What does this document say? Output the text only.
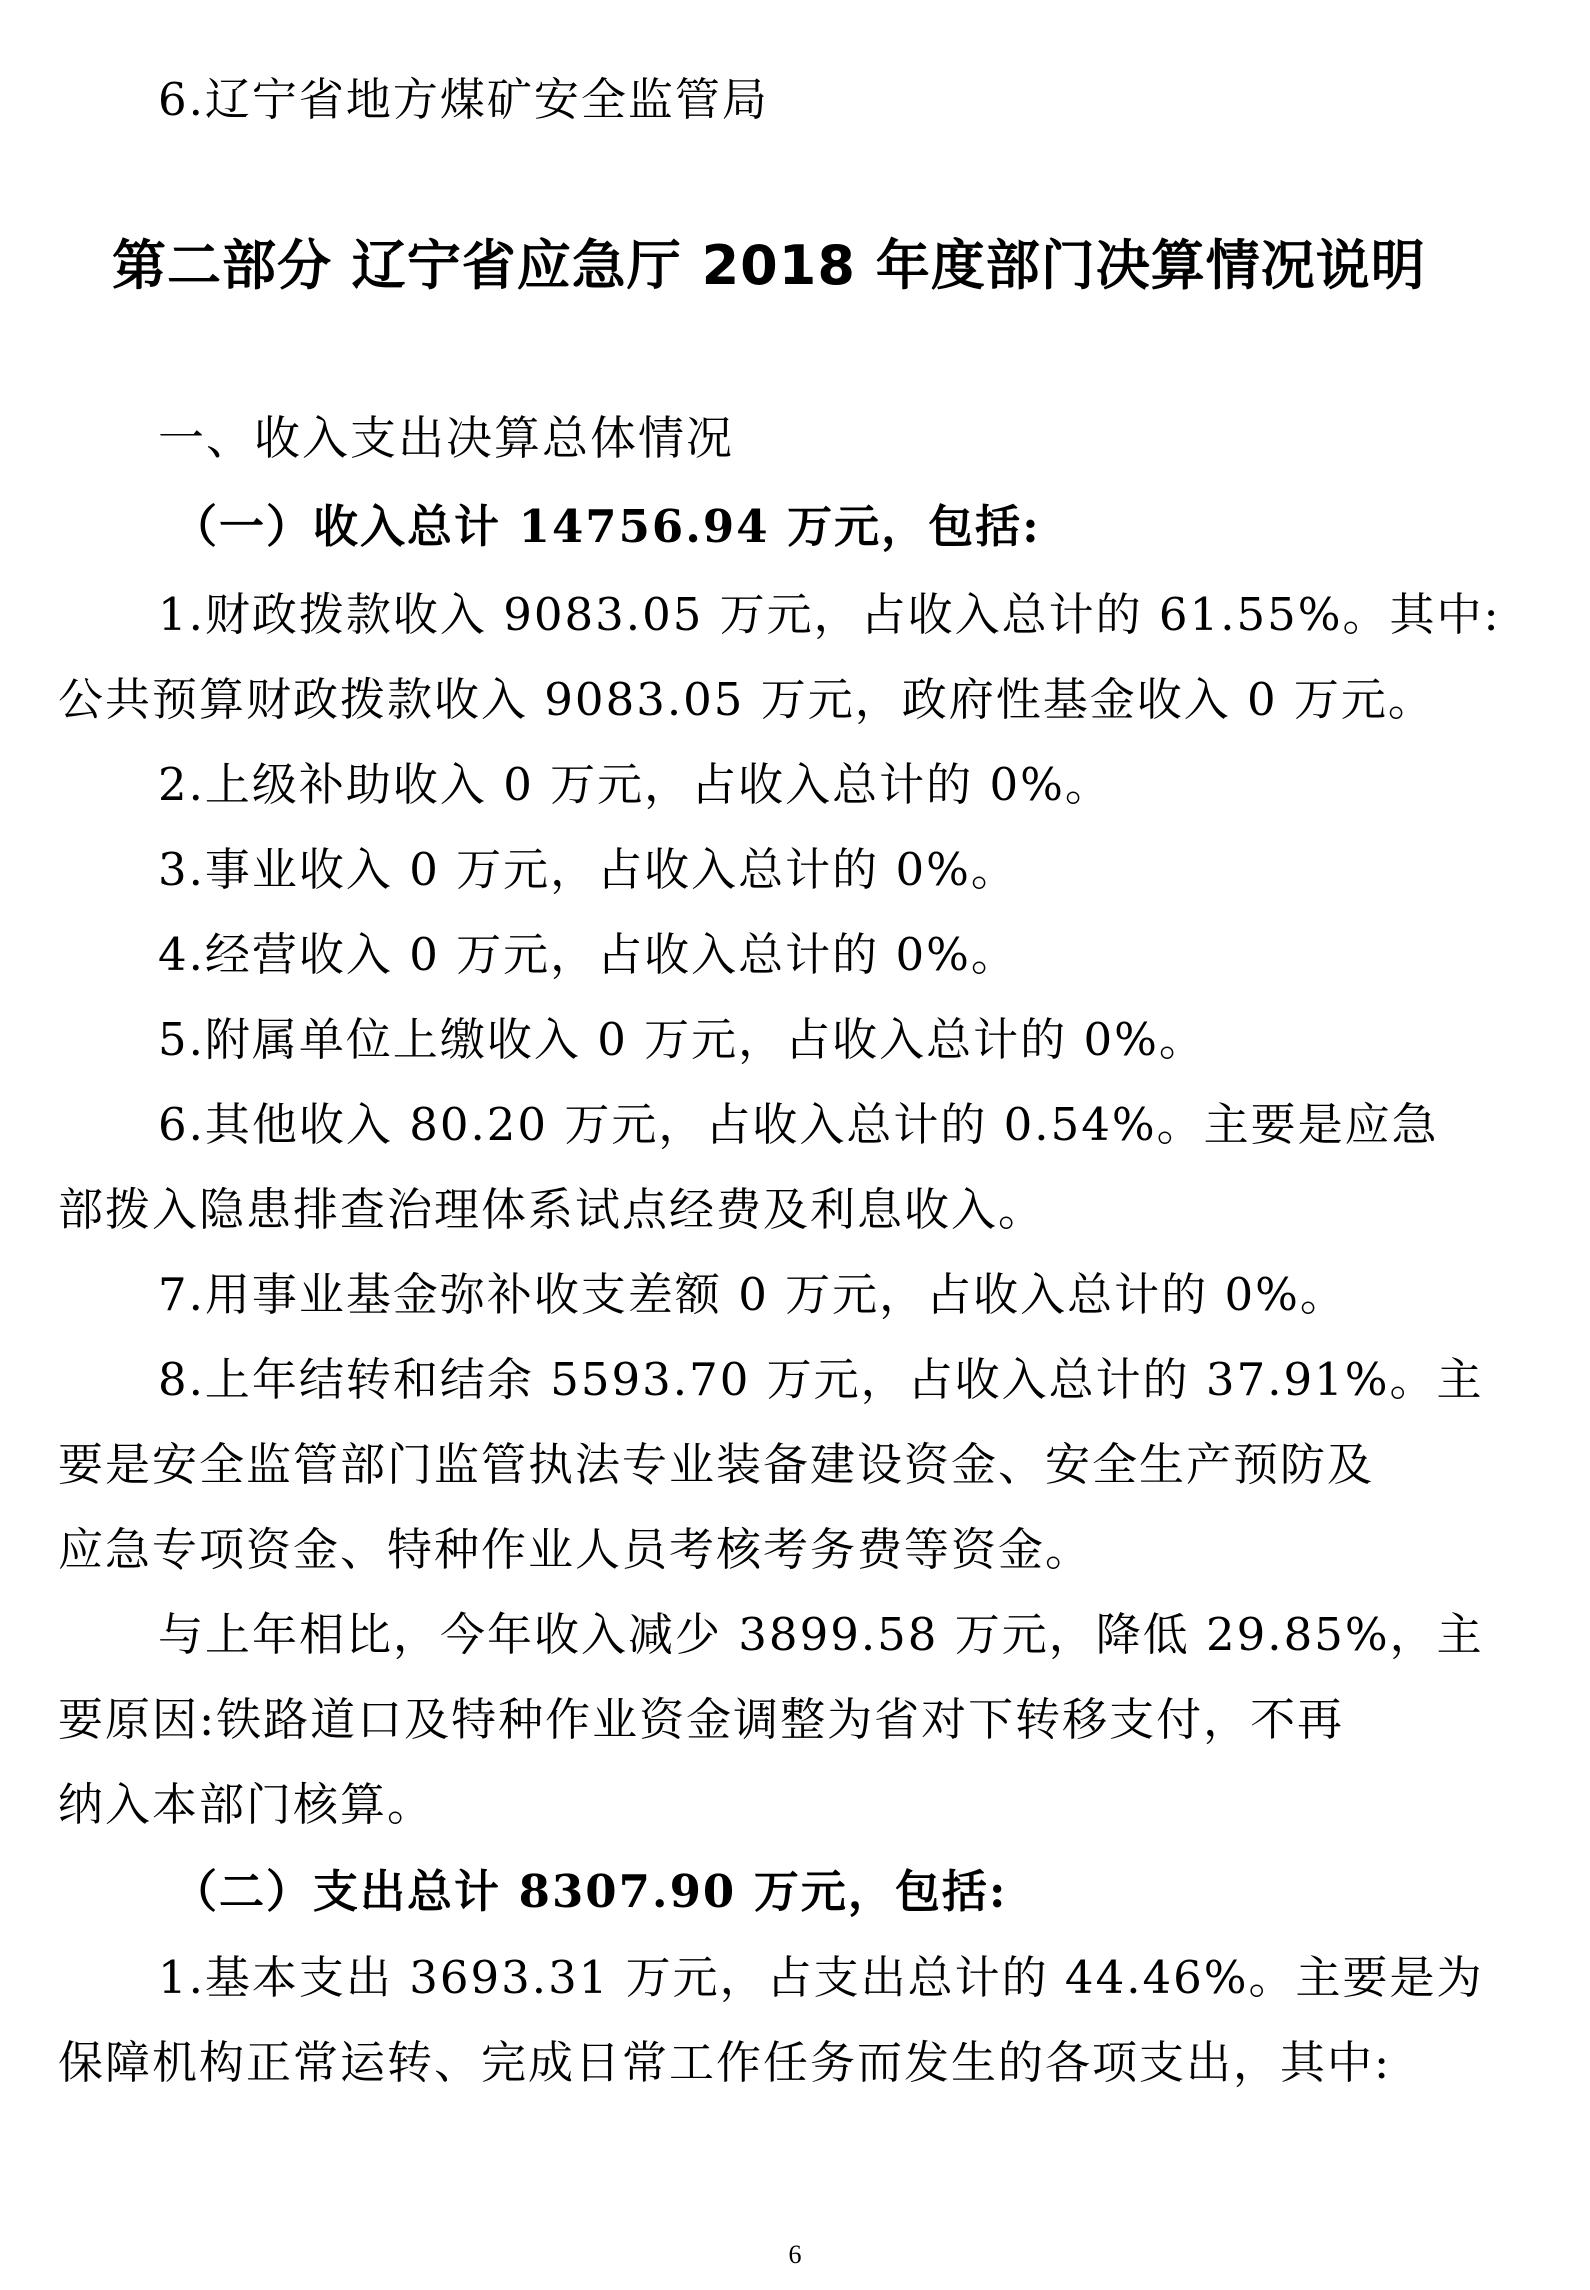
6.辽宁省地方煤矿安全监管局
第二部分 辽宁省应急厅 2018 年度部门决算情况说明
一、收入支出决算总体情况
（一）收入总计 14756.94 万元，包括:
1.财政拨款收入 9083.05 万元，占收入总计的 61.55%。其中:
公共预算财政拨款收入 9083.05 万元，政府性基金收入 0 万元。
2.上级补助收入 0 万元，占收入总计的 0%。
3.事业收入 0 万元，占收入总计的 0%。
4.经营收入 0 万元，占收入总计的 0%。
5.附属单位上缴收入 0 万元，占收入总计的 0%。
6.其他收入 80.20 万元，占收入总计的 0.54%。主要是应急
部拨入隐患排查治理体系试点经费及利息收入。
7.用事业基金弥补收支差额 0 万元，占收入总计的 0%。
8.上年结转和结余 5593.70 万元，占收入总计的 37.91%。主
要是安全监管部门监管执法专业装备建设资金、安全生产预防及
应急专项资金、特种作业人员考核考务费等资金。
与上年相比，今年收入减少 3899.58 万元，降低 29.85%，主
要原因:铁路道口及特种作业资金调整为省对下转移支付，不再
纳入本部门核算。
（二）支出总计 8307.90 万元，包括:
1.基本支出 3693.31 万元，占支出总计的 44.46%。主要是为
保障机构正常运转、完成日常工作任务而发生的各项支出，其中:
6
